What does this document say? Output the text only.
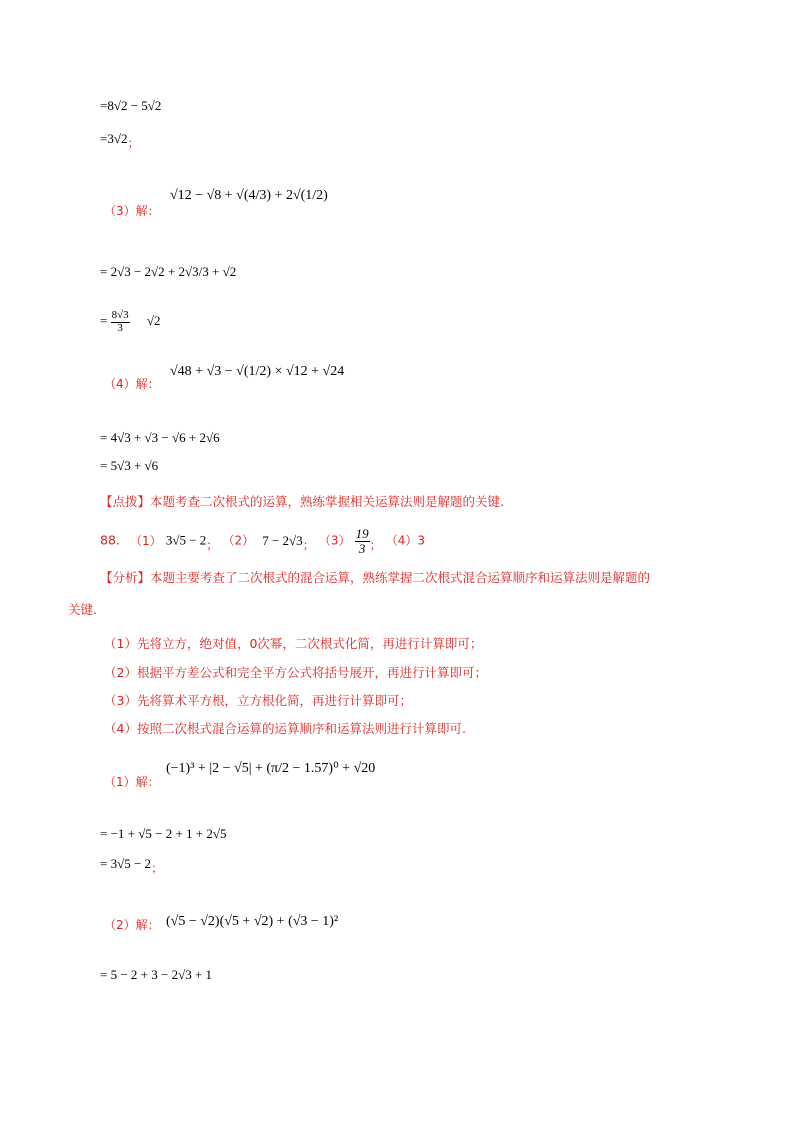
=8√2 − 5√2
=3√2；
（3）解：
√12 − √8 + √(4/3) + 2√(1/2)
= 2√3 − 2√2 + 2√3/3 + √2
= $\frac{8√3}{3} √2$
（4）解：
√48 + √3 − √(1/2) × √12 + √24
= 4√3 + √3 − √6 + 2√6
= 5√3 + √6
【点拨】本题考查二次根式的运算，熟练掌握相关运算法则是解题的关键.
88. （1） 3√5 − 2； （2） 7 − 2√3； $(3) \frac{19}{3}$ ； （4）3
【分析】本题主要考查了二次根式的混合运算，熟练掌握二次根式混合运算顺序和运算法则是解题的
关键.
（1）先将立方，绝对值，0次幂，二次根式化简，再进行计算即可；
（2）根据平方差公式和完全平方公式将括号展开，再进行计算即可；
（3）先将算术平方根，立方根化简，再进行计算即可；
（4）按照二次根式混合运算的运算顺序和运算法则进行计算即可.
（1）解：
(−1)³ + |2 − √5| + (π/2 − 1.57)⁰ + √20
= −1 + √5 − 2 + 1 + 2√5
= 3√5 − 2；
（2）解： (√5 − √2)(√5 + √2) + (√3 − 1)²
= 5 − 2 + 3 − 2√3 + 1
